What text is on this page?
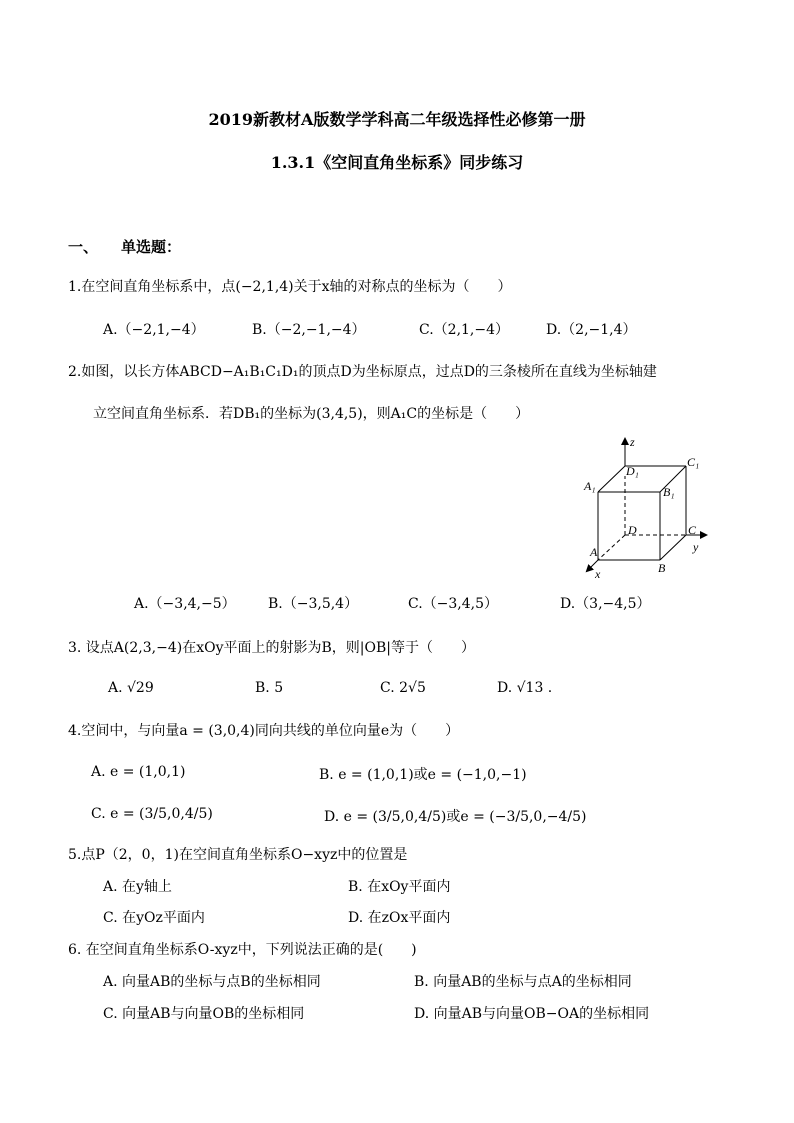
2019新教材A版数学学科高二年级选择性必修第一册
1.3.1《空间直角坐标系》同步练习
一、 单选题：
1.在空间直角坐标系中，点(−2,1,4)关于x轴的对称点的坐标为（　　）
A.（−2,1,−4）	B.（−2,−1,−4）	C.（2,1,−4）	D.（2,−1,4）
2.如图，以长方体ABCD−A₁B₁C₁D₁的顶点D为坐标原点，过点D的三条棱所在直线为坐标轴建
立空间直角坐标系．若DB₁的坐标为(3,4,5)，则A₁C的坐标是（　　）
z
D₁
C₁
A₁	B₁
D	C
y
A
B
x
A.（−3,4,−5） B.（−3,5,4）	C.（−3,4,5）	D.（3,−4,5）
3. 设点A(2,3,−4)在xOy平面上的射影为B，则|OB|等于（　　）
A. √29	B. 5	C. 2√5	D. √13 .
4.空间中，与向量a = (3,0,4)同向共线的单位向量e为（　　）
A. e = (1,0,1)	B. e = (1,0,1)或e = (−1,0,−1)
C. e = (3/5,0,4/5)	D. e = (3/5,0,4/5)或e = (−3/5,0,−4/5)
5.点P（2，0，1)在空间直角坐标系O−xyz中的位置是
A. 在y轴上	B. 在xOy平面内
C. 在yOz平面内	D. 在zOx平面内
6. 在空间直角坐标系O-xyz中，下列说法正确的是(　　)
A. 向量AB的坐标与点B的坐标相同	B. 向量AB的坐标与点A的坐标相同
C. 向量AB与向量OB的坐标相同	D. 向量AB与向量OB−OA的坐标相同
